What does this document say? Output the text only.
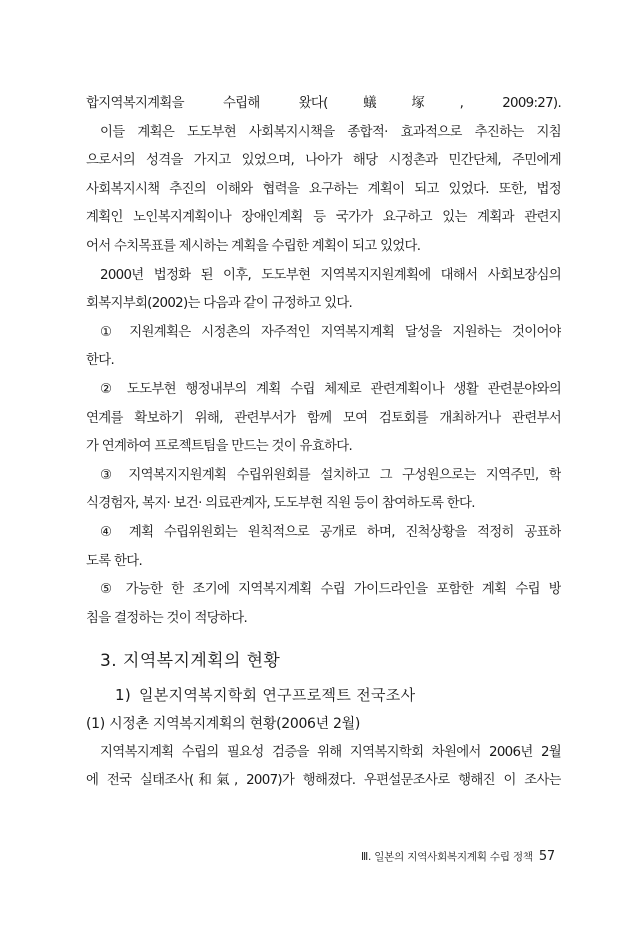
합지역복지계획을 수립해 왔다(蟻塚, 2009:27).
이들 계획은 도도부현 사회복지시책을 종합적· 효과적으로 추진하는 지침
으로서의 성격을 가지고 있었으며, 나아가 해당 시정촌과 민간단체, 주민에게
사회복지시책 추진의 이해와 협력을 요구하는 계획이 되고 있었다. 또한, 법정
계획인 노인복지계획이나 장애인계획 등 국가가 요구하고 있는 계획과 관련지
어서 수치목표를 제시하는 계획을 수립한 계획이 되고 있었다.
2000년 법정화 된 이후, 도도부현 지역복지지원계획에 대해서 사회보장심의
회복지부회(2002)는 다음과 같이 규정하고 있다.
① 지원계획은 시정촌의 자주적인 지역복지계획 달성을 지원하는 것이어야
한다.
② 도도부현 행정내부의 계획 수립 체제로 관련계획이나 생활 관련분야와의
연계를 확보하기 위해, 관련부서가 함께 모여 검토회를 개최하거나 관련부서
가 연계하여 프로젝트팀을 만드는 것이 유효하다.
③ 지역복지지원계획 수립위원회를 설치하고 그 구성원으로는 지역주민, 학
식경험자, 복지· 보건· 의료관계자, 도도부현 직원 등이 참여하도록 한다.
④ 계획 수립위원회는 원칙적으로 공개로 하며, 진척상황을 적정히 공표하
도록 한다.
⑤ 가능한 한 조기에 지역복지계획 수립 가이드라인을 포함한 계획 수립 방
침을 결정하는 것이 적당하다.
3. 지역복지계획의 현황
1) 일본지역복지학회 연구프로젝트 전국조사
(1) 시정촌 지역복지계획의 현황(2006년 2월)
지역복지계획 수립의 필요성 검증을 위해 지역복지학회 차원에서 2006년 2월
에 전국 실태조사(和氣, 2007)가 행해졌다. 우편설문조사로 행해진 이 조사는
Ⅲ. 일본의 지역사회복지계획 수립 정책 57
